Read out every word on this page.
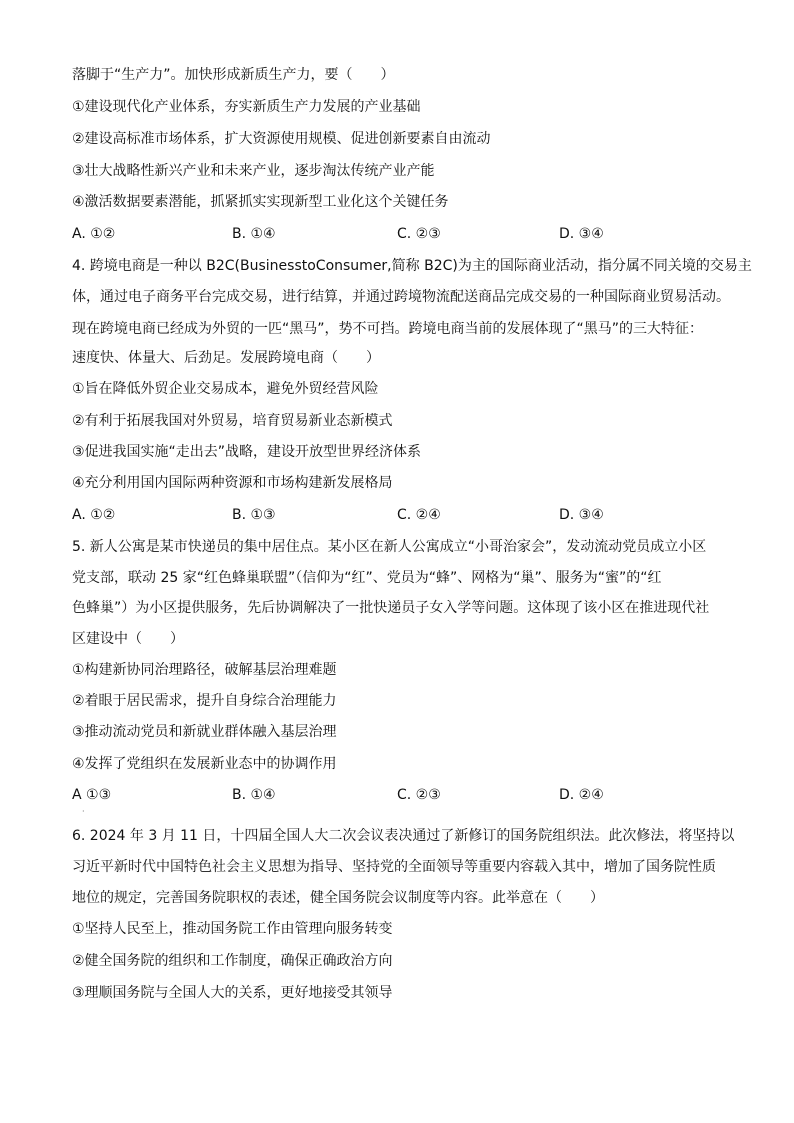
落脚于“生产力”。加快形成新质生产力，要（　　）
①建设现代化产业体系，夯实新质生产力发展的产业基础
②建设高标准市场体系，扩大资源使用规模、促进创新要素自由流动
③壮大战略性新兴产业和未来产业，逐步淘汰传统产业产能
④激活数据要素潜能，抓紧抓实实现新型工业化这个关键任务
A. ①②	B. ①④	C. ②③	D. ③④
4. 跨境电商是一种以 B2C(BusinesstoConsumer,简称 B2C)为主的国际商业活动，指分属不同关境的交易主
体，通过电子商务平台完成交易，进行结算，并通过跨境物流配送商品完成交易的一种国际商业贸易活动。
现在跨境电商已经成为外贸的一匹“黑马”，势不可挡。跨境电商当前的发展体现了“黑马”的三大特征：
速度快、体量大、后劲足。发展跨境电商（　　）
①旨在降低外贸企业交易成本，避免外贸经营风险
②有利于拓展我国对外贸易，培育贸易新业态新模式
③促进我国实施“走出去”战略，建设开放型世界经济体系
④充分利用国内国际两种资源和市场构建新发展格局
A. ①②	B. ①③	C. ②④	D. ③④
5. 新人公寓是某市快递员的集中居住点。某小区在新人公寓成立“小哥治家会”，发动流动党员成立小区
党支部，联动 25 家“红色蜂巢联盟”（信仰为“红”、党员为“蜂”、网格为“巢”、服务为“蜜”的“红
色蜂巢”）为小区提供服务，先后协调解决了一批快递员子女入学等问题。这体现了该小区在推进现代社
区建设中（　　）
①构建新协同治理路径，破解基层治理难题
②着眼于居民需求，提升自身综合治理能力
③推动流动党员和新就业群体融入基层治理
④发挥了党组织在发展新业态中的协调作用
A ①③	B. ①④	C. ②③	D. ②④
·
6. 2024 年 3 月 11 日，十四届全国人大二次会议表决通过了新修订的国务院组织法。此次修法，将坚持以
习近平新时代中国特色社会主义思想为指导、坚持党的全面领导等重要内容载入其中，增加了国务院性质
地位的规定，完善国务院职权的表述，健全国务院会议制度等内容。此举意在（　　）
①坚持人民至上，推动国务院工作由管理向服务转变
②健全国务院的组织和工作制度，确保正确政治方向
③理顺国务院与全国人大的关系，更好地接受其领导
